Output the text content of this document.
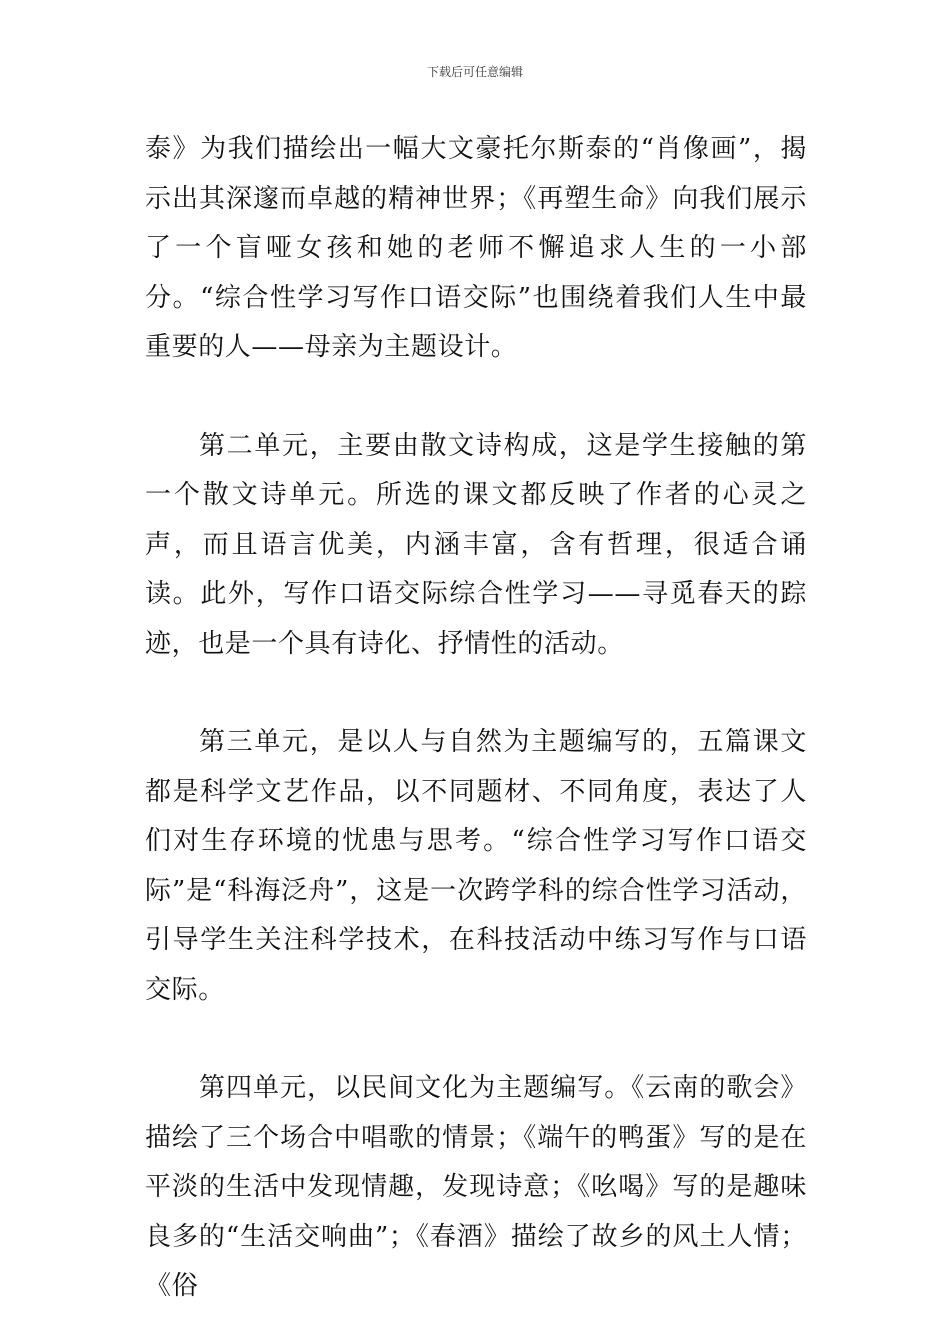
下载后可任意编辑

泰》为我们描绘出一幅大文豪托尔斯泰的“肖像画”，揭示出其深邃而卓越的精神世界；《再塑生命》向我们展示了一个盲哑女孩和她的老师不懈追求人生的一小部分。“综合性学习写作口语交际”也围绕着我们人生中最重要的人——母亲为主题设计。

第二单元，主要由散文诗构成，这是学生接触的第一个散文诗单元。所选的课文都反映了作者的心灵之声，而且语言优美，内涵丰富，含有哲理，很适合诵读。此外，写作口语交际综合性学习——寻觅春天的踪迹，也是一个具有诗化、抒情性的活动。

第三单元，是以人与自然为主题编写的，五篇课文都是科学文艺作品，以不同题材、不同角度，表达了人们对生存环境的忧患与思考。“综合性学习写作口语交际”是“科海泛舟”，这是一次跨学科的综合性学习活动，引导学生关注科学技术，在科技活动中练习写作与口语交际。

第四单元，以民间文化为主题编写。《云南的歌会》描绘了三个场合中唱歌的情景；《端午的鸭蛋》写的是在平淡的生活中发现情趣，发现诗意；《吆喝》写的是趣味良多的“生活交响曲”；《春酒》描绘了故乡的风土人情；《俗
